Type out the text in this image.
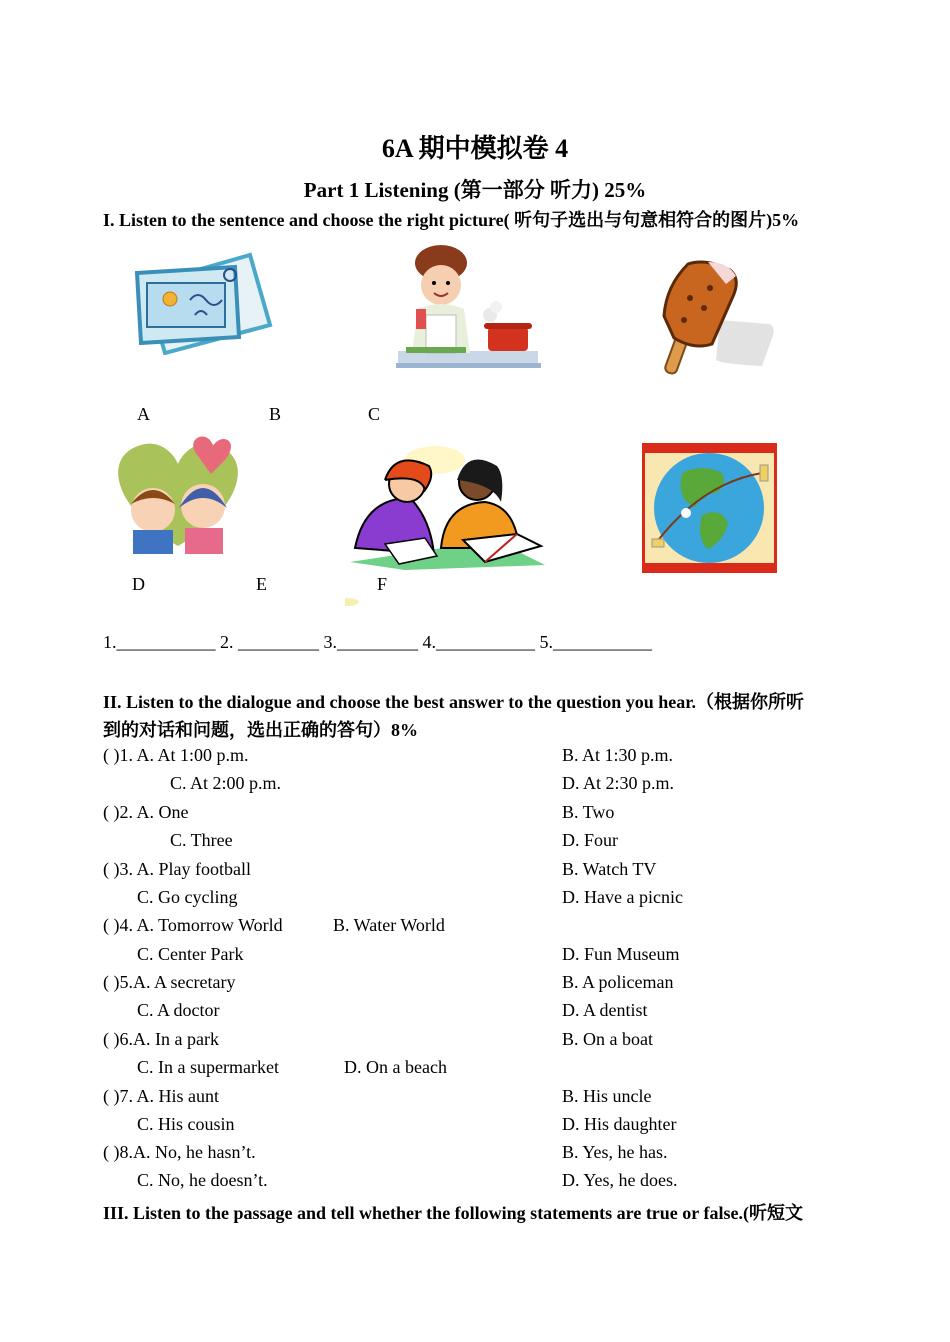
6A 期中模拟卷 4
Part 1 Listening (第一部分 听力) 25%
I. Listen to the sentence and choose the right picture( 听句子选出与句意相符合的图片)5%
A	B	C
D	E	F
1.___________ 2. _________ 3._________ 4.___________ 5.___________
II. Listen to the dialogue and choose the best answer to the question you hear.（根据你所听
到的对话和问题，选出正确的答句）8%
( )1. A. At 1:00 p.m.	B. At 1:30 p.m.
C. At 2:00 p.m.	D. At 2:30 p.m.
( )2. A. One	B. Two
C. Three	D. Four
( )3. A. Play football	B. Watch TV
C. Go cycling	D. Have a picnic
( )4. A. Tomorrow World	B. Water World
C. Center Park	D. Fun Museum
( )5.A. A secretary	B. A policeman
C. A doctor	D. A dentist
( )6.A. In a park	B. On a boat
C. In a supermarket	D. On a beach
( )7. A. His aunt	B. His uncle
C. His cousin	D. His daughter
( )8.A. No, he hasn’t.	B. Yes, he has.
C. No, he doesn’t.	D. Yes, he does.
III. Listen to the passage and tell whether the following statements are true or false.(听短文
